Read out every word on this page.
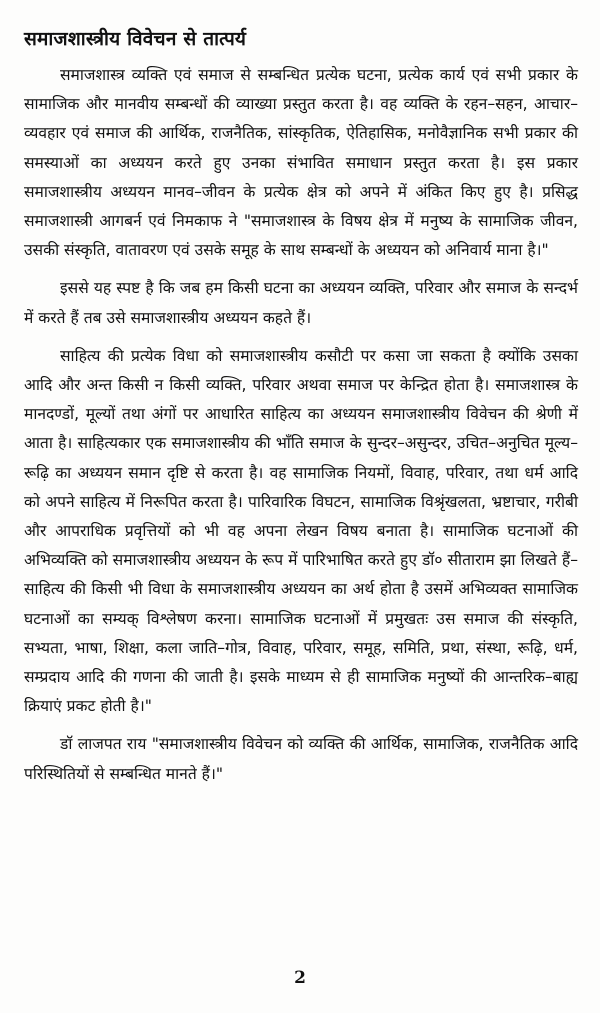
समाजशास्त्रीय विवेचन से तात्पर्य

समाजशास्त्र व्यक्ति एवं समाज से सम्बन्धित प्रत्येक घटना, प्रत्येक कार्य एवं सभी प्रकार के सामाजिक और मानवीय सम्बन्धों की व्याख्या प्रस्तुत करता है। वह व्यक्ति के रहन–सहन, आचार–व्यवहार एवं समाज की आर्थिक, राजनैतिक, सांस्कृतिक, ऐतिहासिक, मनोवैज्ञानिक सभी प्रकार की समस्याओं का अध्ययन करते हुए उनका संभावित समाधान प्रस्तुत करता है। इस प्रकार समाजशास्त्रीय अध्ययन मानव–जीवन के प्रत्येक क्षेत्र को अपने में अंकित किए हुए है। प्रसिद्ध समाजशास्त्री आगबर्न एवं निमकाफ ने "समाजशास्त्र के विषय क्षेत्र में मनुष्य के सामाजिक जीवन, उसकी संस्कृति, वातावरण एवं उसके समूह के साथ सम्बन्धों के अध्ययन को अनिवार्य माना है।"

इससे यह स्पष्ट है कि जब हम किसी घटना का अध्ययन व्यक्ति, परिवार और समाज के सन्दर्भ में करते हैं तब उसे समाजशास्त्रीय अध्ययन कहते हैं।

साहित्य की प्रत्येक विधा को समाजशास्त्रीय कसौटी पर कसा जा सकता है क्योंकि उसका आदि और अन्त किसी न किसी व्यक्ति, परिवार अथवा समाज पर केन्द्रित होता है। समाजशास्त्र के मानदण्डों, मूल्यों तथा अंगों पर आधारित साहित्य का अध्ययन समाजशास्त्रीय विवेचन की श्रेणी में आता है। साहित्यकार एक समाजशास्त्रीय की भाँति समाज के सुन्दर–असुन्दर, उचित–अनुचित मूल्य–रूढ़ि का अध्ययन समान दृष्टि से करता है। वह सामाजिक नियमों, विवाह, परिवार, तथा धर्म आदि को अपने साहित्य में निरूपित करता है। पारिवारिक विघटन, सामाजिक विश्रृंखलता, भ्रष्टाचार, गरीबी और आपराधिक प्रवृत्तियों को भी वह अपना लेखन विषय बनाता है। सामाजिक घटनाओं की अभिव्यक्ति को समाजशास्त्रीय अध्ययन के रूप में पारिभाषित करते हुए डॉ० सीताराम झा लिखते हैं–साहित्य की किसी भी विधा के समाजशास्त्रीय अध्ययन का अर्थ होता है उसमें अभिव्यक्त सामाजिक घटनाओं का सम्यक् विश्लेषण करना। सामाजिक घटनाओं में प्रमुखतः उस समाज की संस्कृति, सभ्यता, भाषा, शिक्षा, कला जाति–गोत्र, विवाह, परिवार, समूह, समिति, प्रथा, संस्था, रूढ़ि, धर्म, सम्प्रदाय आदि की गणना की जाती है। इसके माध्यम से ही सामाजिक मनुष्यों की आन्तरिक–बाह्य क्रियाएं प्रकट होती है।"

डॉ लाजपत राय "समाजशास्त्रीय विवेचन को व्यक्ति की आर्थिक, सामाजिक, राजनैतिक आदि परिस्थितियों से सम्बन्धित मानते हैं।"

2
